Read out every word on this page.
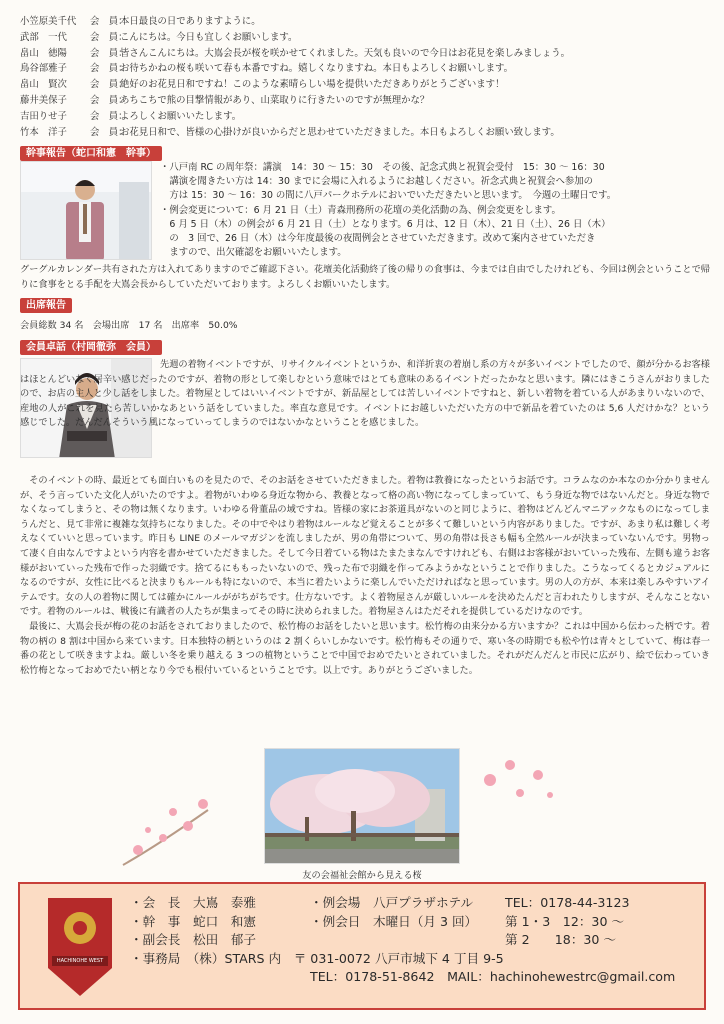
小笠原美千代	会　員：
本日最良の日でありますように。
武部　一代	会　員：
こんにちは。今日も宜しくお願いします。
畠山　徳陽	会　員：
皆さんこんにちは。大嶌会長が桜を咲かせてくれました。天気も良いので今日はお花見を楽しみましょう。
鳥谷部雅子	会　員：
お待ちかねの桜も咲いて春も本番ですね。嬉しくなりますね。本日もよろしくお願いします。
畠山　賢次	会　員：
絶好のお花見日和ですね！このような素晴らしい場を提供いただきありがとうございます！
藤井美保子	会　員：
あちこちで熊の目撃情報があり、山菜取りに行きたいのですが無理かな？
吉田りせ子	会　員：
よろしくお願いいたします。
竹本　洋子	会　員：
お花見日和で、皆様の心掛けが良いからだと思わせていただきました。本日もよろしくお願い致します。
幹事報告（蛇口和憲　幹事）

・八戸南 RC の周年祭：講演　14：30 ～ 15：30　その後、記念式典と祝賀会受付　15：30 ～ 16：30
　講演を聞きたい方は 14：30 までに会場に入れるようにお越しください。祈念式典と祝賀会へ参加の
　方は 15：30 ～ 16：30 の間に八戸パークホテルにおいでいただきたいと思います。　今週の土曜日です。

・例会変更について：6 月 21 日（土）青森刑務所の花壇の美化活動の為、例会変更をします。
　6 月 5 日（木）の例会が 6 月 21 日（土）となります。6 月は、12 日（木）、21 日（土）、26 日（木）
　の　3 回で、26 日（木）は今年度最後の夜間例会とさせていただきます。改めて案内させていただき
　ますので、出欠確認をお願いいたします。

グーグルカレンダー共有された方は入れてありますのでご確認下さい。花壇美化活動終了後の帰りの食事は、今までは自由でしたけれども、今回は例会ということで帰りに食事をとる手配を大嶌会長からしていただいております。よろしくお願いいたします。

出席報告

会員総数 34 名　会場出席　17 名　出席率　50.0%

会員卓話（村岡徹弥　会員）

先週の着物イベントですが、リサイクルイベントというか、和洋折衷の着崩し系の方々が多いイベントでしたので、顔が分かるお客様はほとんどいなく居辛い感じだったのですが、着物の形として楽しむという意味ではとても意味のあるイベントだったかなと思います。隣にはきこうさんがおりましたので、お店の主人と少し話をしました。着物屋としてはいいイベントですが、新品屋としては苦しいイベントですねと、新しい着物を着ている人があまりいないので、産地の人がこれを見たら苦しいかなあという話をしていました。率直な意見です。イベントにお越しいただいた方の中で新品を着ていたのは 5,6 人だけかな？という感じでした。だんだんそういう風になっていってしまうのではないかなということを感じました。

そのイベントの時、最近とても面白いものを見たので、そのお話をさせていただきました。着物は教養になったというお話です。コラムなのか本なのか分かりませんが、そう言っていた文化人がいたのですよ。着物がいわゆる身近な物から、教養となって格の高い物になってしまっていて、もう身近な物ではないんだと。身近な物でなくなってしまうと、その物は無くなります。いわゆる骨董品の域ですね。皆様の家にお茶道具がないのと同じように、着物はどんどんマニアックなものになってしまうんだと、見て非常に複雑な気持ちになりました。その中でやはり着物はルールなど覚えることが多くて難しいという内容がありました。ですが、あまり私は難しく考えなくていいと思っています。昨日も LINE のメールマガジンを流しましたが、男の角帯について、男の角帯は長さも幅も全然ルールが決まっていないんです。男物って凄く自由なんですよという内容を書かせていただきました。そして今日着ている物はたまたまなんですけれども、右側はお客様がおいていった残布、左側も違うお客様がおいていった残布で作った羽織です。捨てるにももったいないので、残った布で羽織を作ってみようかなということで作りました。こうなってくるとカジュアルになるのですが、女性に比べると決まりもルールも特にないので、本当に着たいように楽しんでいただければなと思っています。男の人の方が、本来は楽しみやすいアイテムです。女の人の着物に関しては確かにルールががちがちです。仕方ないです。よく着物屋さんが厳しいルールを決めたんだと言われたりしますが、そんなことないです。着物のルールは、戦後に有識者の人たちが集まってその時に決められました。着物屋さんはただそれを提供しているだけなのです。

最後に、大嶌会長が梅の花のお話をされておりましたので、松竹梅のお話をしたいと思います。松竹梅の由来分かる方いますか？これは中国から伝わった柄です。着物の柄の 8 割は中国から来ています。日本独特の柄というのは 2 割くらいしかないです。松竹梅もその通りで、寒い冬の時期でも松や竹は青々としていて、梅は春一番の花として咲きますよね。厳しい冬を乗り越える 3 つの植物ということで中国でおめでたいとされていました。それがだんだんと市民に広がり、絵で伝わっていき松竹梅となっておめでたい柄となり今でも根付いているということです。以上です。ありがとうございました。

友の会福祉会館から見える桜

HACHINOHE WEST
・会　長　大嶌　泰雅	・例会場　八戸プラザホテル	TEL：0178-44-3123
・幹　事　蛇口　和憲	・例会日　木曜日（月 3 回）	第 1・3　12：30 ～
・副会長　松田　郁子	第 2　　18：30 ～
・事務局　（株）STARS 内　〒 031-0072 八戸市城下 4 丁目 9-5
TEL：0178-51-8642　MAIL：hachinohewestrc@gmail.com
